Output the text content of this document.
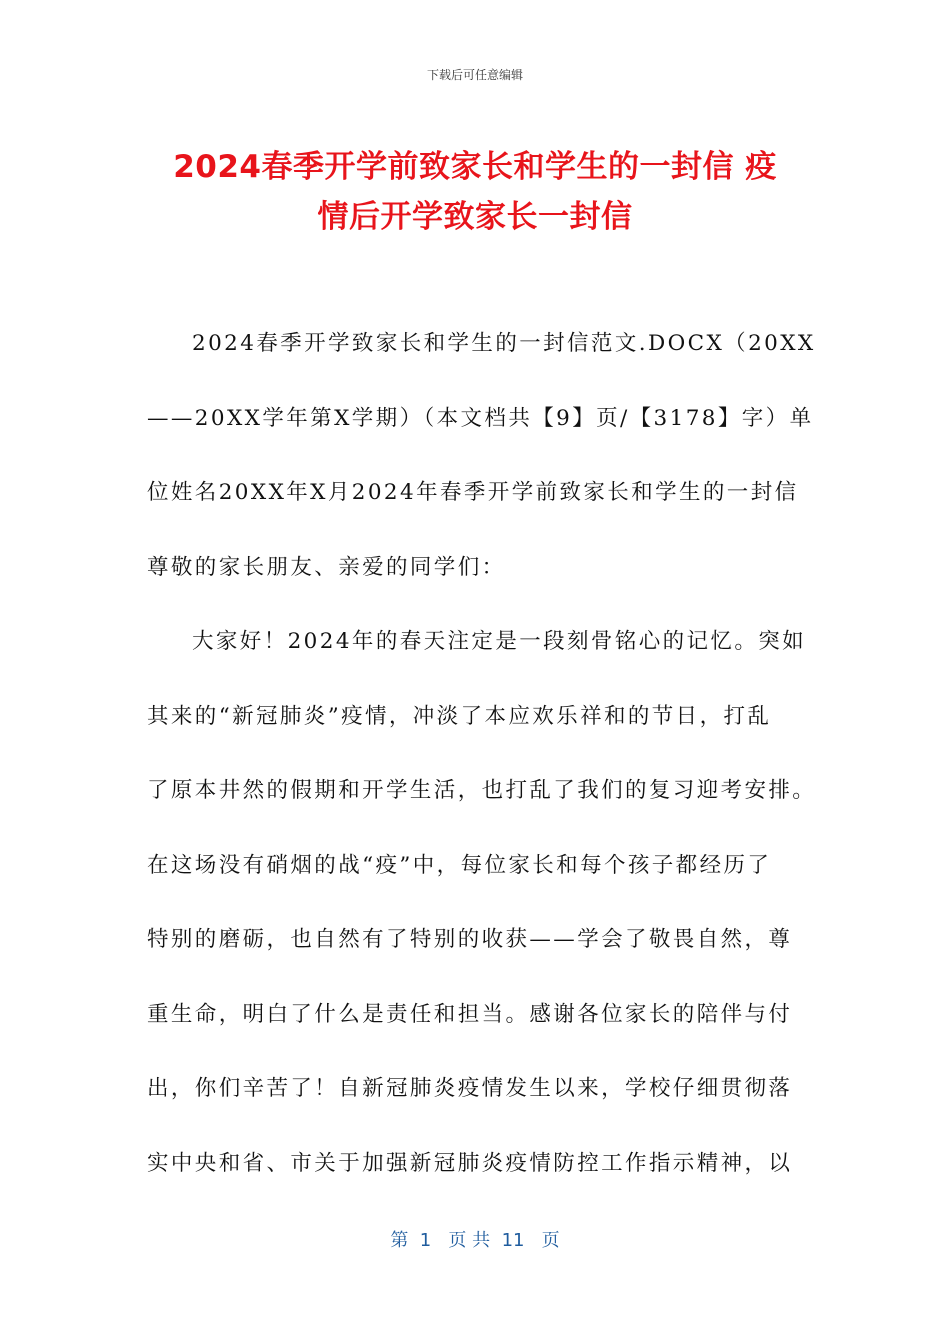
下载后可任意编辑
2024春季开学前致家长和学生的一封信 疫
情后开学致家长一封信
2024春季开学致家长和学生的一封信范文.DOCX（20XX
——20XX学年第X学期）（本文档共【9】页/【3178】字）单
位姓名20XX年X月2024年春季开学前致家长和学生的一封信
尊敬的家长朋友、亲爱的同学们：
大家好！2024年的春天注定是一段刻骨铭心的记忆。突如
其来的“新冠肺炎”疫情，冲淡了本应欢乐祥和的节日，打乱
了原本井然的假期和开学生活，也打乱了我们的复习迎考安排。
在这场没有硝烟的战“疫”中，每位家长和每个孩子都经历了
特别的磨砺，也自然有了特别的收获——学会了敬畏自然，尊
重生命，明白了什么是责任和担当。感谢各位家长的陪伴与付
出，你们辛苦了！自新冠肺炎疫情发生以来，学校仔细贯彻落
实中央和省、市关于加强新冠肺炎疫情防控工作指示精神，以
第  1   页 共  11   页
